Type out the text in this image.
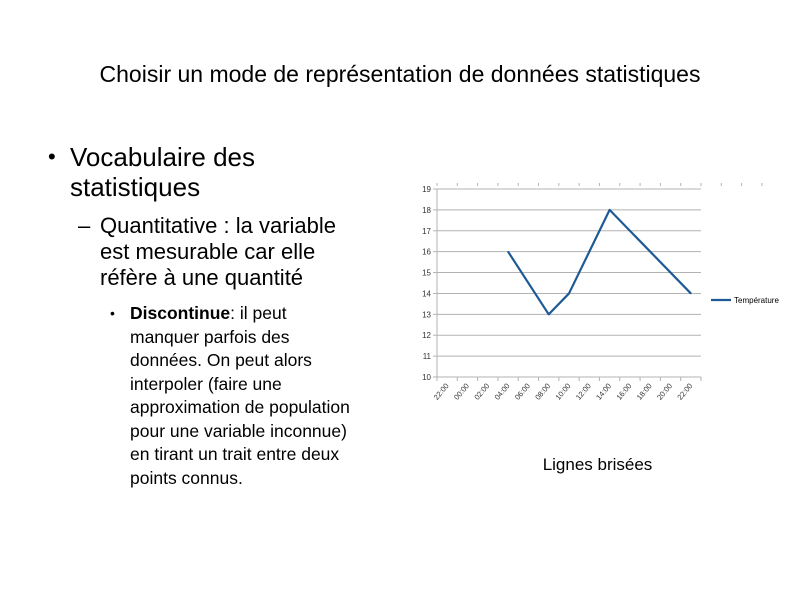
Choisir un mode de représentation de données statistiques
• Vocabulaire des statistiques
– Quantitative : la variable est mesurable car elle réfère à une quantité
• Discontinue: il peut manquer parfois des données. On peut alors interpoler (faire une approximation de population pour une variable inconnue) en tirant un trait entre deux points connus.
10
11
12
13
14
15
16
17
18
19
22:00 00:00 02:00 04:00 06:00 08:00 10:00 12:00 14:00 16:00 18:00 20:00 22:00
Température
Lignes brisées
